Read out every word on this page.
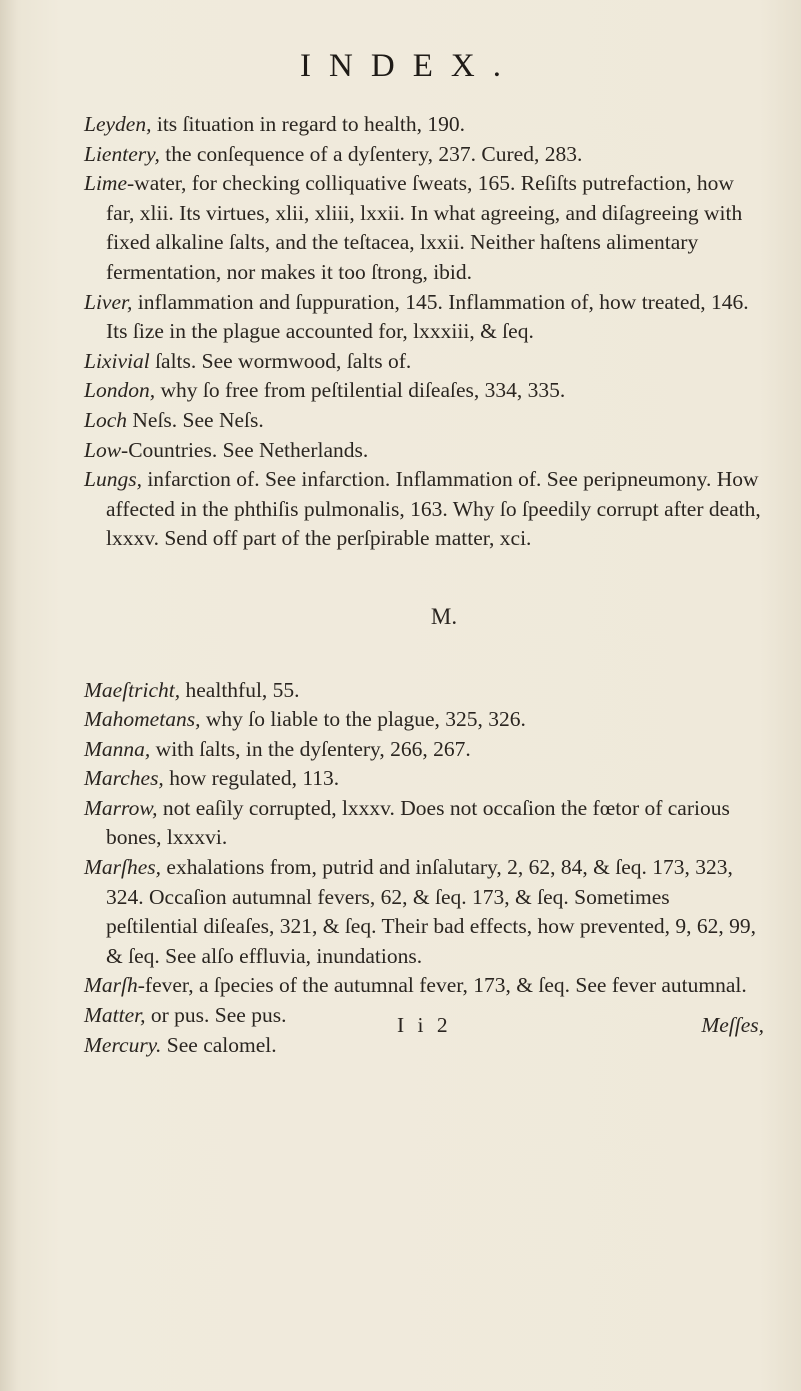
INDEX.

Leyden, its ſituation in regard to health, 190.

Lientery, the conſequence of a dyſentery, 237. Cured, 283.

Lime-water, for checking colliquative ſweats, 165. Reſiſts putrefaction, how far, xlii. Its virtues, xlii, xliii, lxxii. In what agreeing, and diſagreeing with fixed alkaline ſalts, and the teſtacea, lxxii. Neither haſtens alimentary fermentation, nor makes it too ſtrong, ibid.

Liver, inflammation and ſuppuration, 145. Inflammation of, how treated, 146. Its ſize in the plague accounted for, lxxxiii, & ſeq.

Lixivial ſalts. See wormwood, ſalts of.

London, why ſo free from peſtilential diſeaſes, 334, 335.

Loch Neſs. See Neſs.

Low-Countries. See Netherlands.

Lungs, infarction of. See infarction. Inflammation of. See peripneumony. How affected in the phthiſis pulmonalis, 163. Why ſo ſpeedily corrupt after death, lxxxv. Send off part of the perſpirable matter, xci.

M.

Maeſtricht, healthful, 55.

Mahometans, why ſo liable to the plague, 325, 326.

Manna, with ſalts, in the dyſentery, 266, 267.

Marches, how regulated, 113.

Marrow, not eaſily corrupted, lxxxv. Does not occaſion the fœtor of carious bones, lxxxvi.

Marſhes, exhalations from, putrid and inſalutary, 2, 62, 84, & ſeq. 173, 323, 324. Occaſion autumnal fevers, 62, & ſeq. 173, & ſeq. Sometimes peſtilential diſeaſes, 321, & ſeq. Their bad effects, how prevented, 9, 62, 99, & ſeq. See alſo effluvia, inundations.

Marſh-fever, a ſpecies of the autumnal fever, 173, & ſeq. See fever autumnal.

Matter, or pus. See pus.

Mercury. See calomel.

I i 2	Meſſes,
